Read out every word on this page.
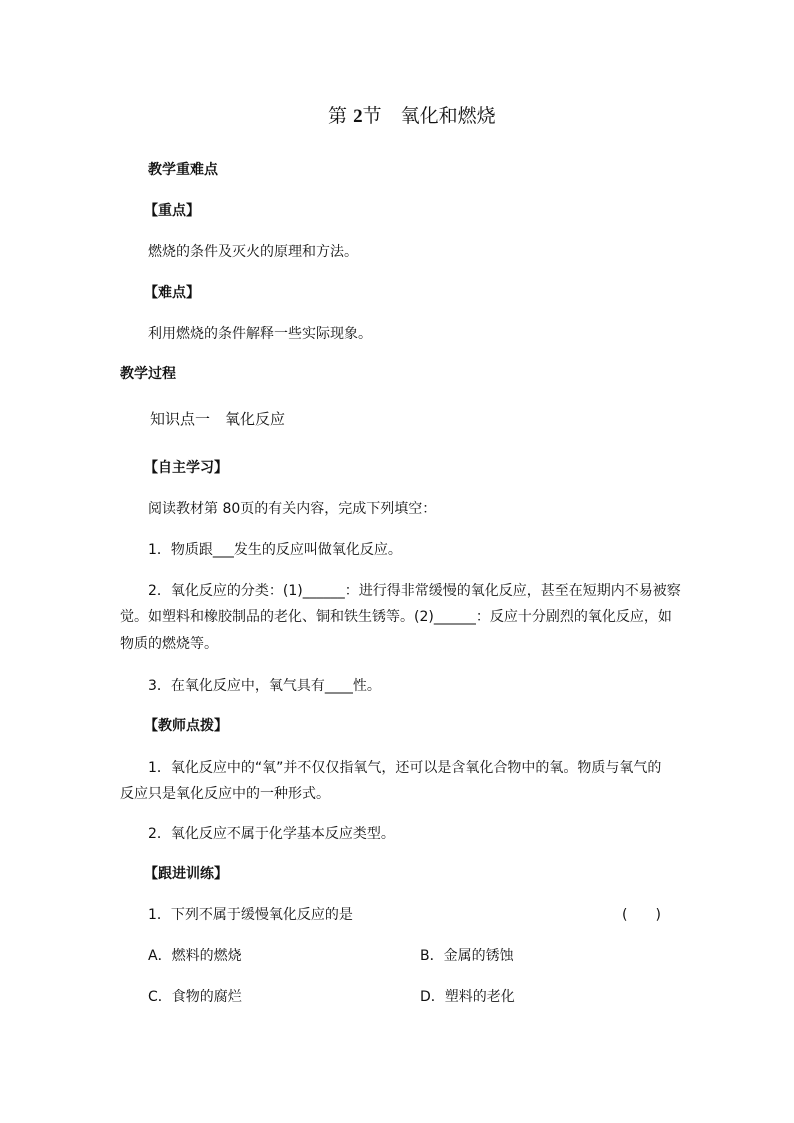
第 2节　氧化和燃烧
教学重难点
【重点】
燃烧的条件及灭火的原理和方法。
【难点】
利用燃烧的条件解释一些实际现象。
教学过程
知识点一　氧化反应
【自主学习】
阅读教材第 80页的有关内容，完成下列填空：
1．物质跟___发生的反应叫做氧化反应。
2．氧化反应的分类：(1)______：进行得非常缓慢的氧化反应，甚至在短期内不易被察
觉。如塑料和橡胶制品的老化、铜和铁生锈等。(2)______：反应十分剧烈的氧化反应，如
物质的燃烧等。
3．在氧化反应中，氧气具有____性。
【教师点拨】
1．氧化反应中的“氧”并不仅仅指氧气，还可以是含氧化合物中的氧。物质与氧气的
反应只是氧化反应中的一种形式。
2．氧化反应不属于化学基本反应类型。
【跟进训练】
1．下列不属于缓慢氧化反应的是	(　　)
A．燃料的燃烧	B．金属的锈蚀
C．食物的腐烂	D．塑料的老化
